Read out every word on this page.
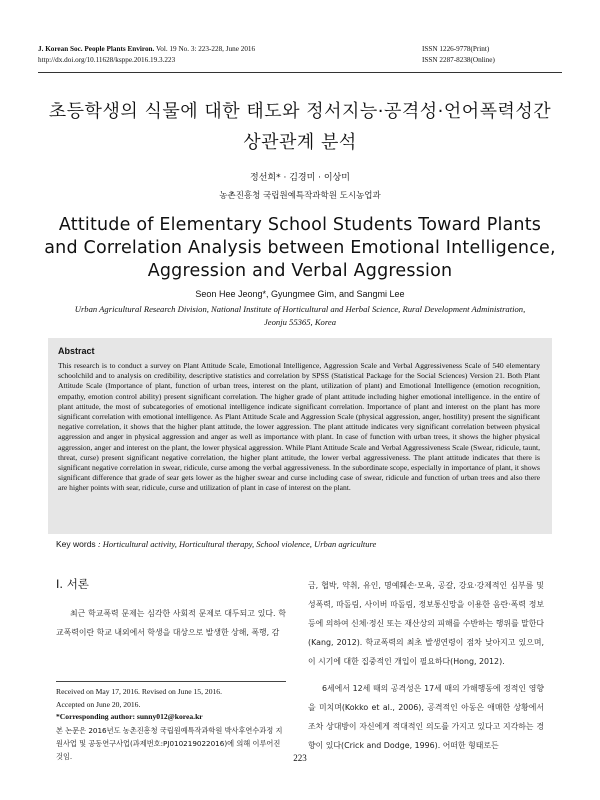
J. Korean Soc. People Plants Environ. Vol. 19 No. 3: 223-228, June 2016
http://dx.doi.org/10.11628/ksppe.2016.19.3.223
ISSN 1226-9778(Print)
ISSN 2287-8238(Online)
초등학생의 식물에 대한 태도와 정서지능·공격성·언어폭력성간
상관관계 분석
정선희* · 김경미 · 이상미
농촌진흥청 국립원예특작과학원 도시농업과
Attitude of Elementary School Students Toward Plants
and Correlation Analysis between Emotional Intelligence,
Aggression and Verbal Aggression
Seon Hee Jeong*, Gyungmee Gim, and Sangmi Lee
Urban Agricultural Research Division, National Institute of Horticultural and Herbal Science, Rural Development Administration,
Jeonju 55365, Korea
Abstract
This research is to conduct a survey on Plant Attitude Scale, Emotional Intelligence, Aggression Scale and Verbal Aggressiveness Scale of 540 elementary schoolchild and to analysis on credibility, descriptive statistics and correlation by SPSS (Statistical Package for the Social Sciences) Version 21. Both Plant Attitude Scale (Importance of plant, function of urban trees, interest on the plant, utilization of plant) and Emotional Intelligence (emotion recognition, empathy, emotion control ability) present significant correlation. The higher grade of plant attitude including higher emotional intelligence. in the entire of plant attitude, the most of subcategories of emotional intelligence indicate significant correlation. Importance of plant and interest on the plant has more significant correlation with emotional intelligence. As Plant Attitude Scale and Aggression Scale (physical aggression, anger, hostility) present the significant negative correlation, it shows that the higher plant attitude, the lower aggression. The plant attitude indicates very significant correlation between physical aggression and anger in physical aggression and anger as well as importance with plant. In case of function with urban trees, it shows the higher physical aggression, anger and interest on the plant, the lower physical aggression. While Plant Attitude Scale and Verbal Aggressiveness Scale (Swear, ridicule, taunt, threat, curse) present significant negative correlation, the higher plant attitude, the lower verbal aggressiveness. The plant attitude indicates that there is significant negative correlation in swear, ridicule, curse among the verbal aggressiveness. In the subordinate scope, especially in importance of plant, it shows significant difference that grade of sear gets lower as the higher swear and curse including case of swear, ridicule and function of urban trees and also there are higher points with sear, ridicule, curse and utilization of plant in case of interest on the plant.
Key words : Horticultural activity, Horticultural therapy, School violence, Urban agriculture
Ⅰ. 서론

최근 학교폭력 문제는 심각한 사회적 문제로 대두되고 있다. 학교폭력이란 학교 내외에서 학생을 대상으로 발생한 상해, 폭행, 감

Received on May 17, 2016. Revised on June 15, 2016.
Accepted on June 20, 2016.
*Corresponding author: sunny012@korea.kr
본 논문은 2016년도 농촌진흥청 국립원예특작과학원 박사후연수과정 지원사업 및 공동연구사업(과제번호:PJ010219022016)에 의해 이루어진 것임.

금, 협박, 약취, 유인, 명예훼손·모욕, 공갈, 강요·강제적인 심부름 및 성폭력, 따돌림, 사이버 따돌림, 정보통신망을 이용한 음란·폭력 정보 등에 의하여 신체·정신 또는 재산상의 피해를 수반하는 행위를 말한다(Kang, 2012). 학교폭력의 최초 발생연령이 점차 낮아지고 있으며, 이 시기에 대한 집중적인 개입이 필요하다(Hong, 2012).

6세에서 12세 때의 공격성은 17세 때의 가해행동에 정적인 영향을 미치며(Kokko et al., 2006), 공격적인 아동은 애매한 상황에서 조차 상대방이 자신에게 적대적인 의도를 가지고 있다고 지각하는 경향이 있다(Crick and Dodge, 1996). 어떠한 형태로든

223
